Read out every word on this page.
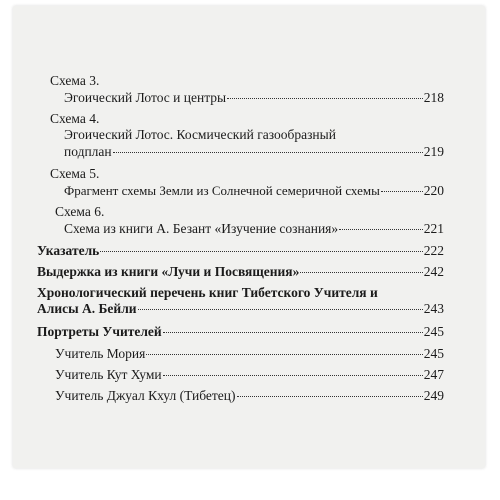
Схема 3.
Эгоический Лотос и центры	218
Схема 4.
Эгоический Лотос. Космический газообразный
подплан	219
Схема 5.
Фрагмент схемы Земли из Солнечной семеричной схемы	220
Схема 6.
Схема из книги А. Безант «Изучение сознания»	221
Указатель	222
Выдержка из книги «Лучи и Посвящения»	242
Хронологический перечень книг Тибетского Учителя и
Алисы А. Бейли	243
Портреты Учителей	245
Учитель Мория	245
Учитель Кут Хуми	247
Учитель Джуал Кхул (Тибетец)	249
